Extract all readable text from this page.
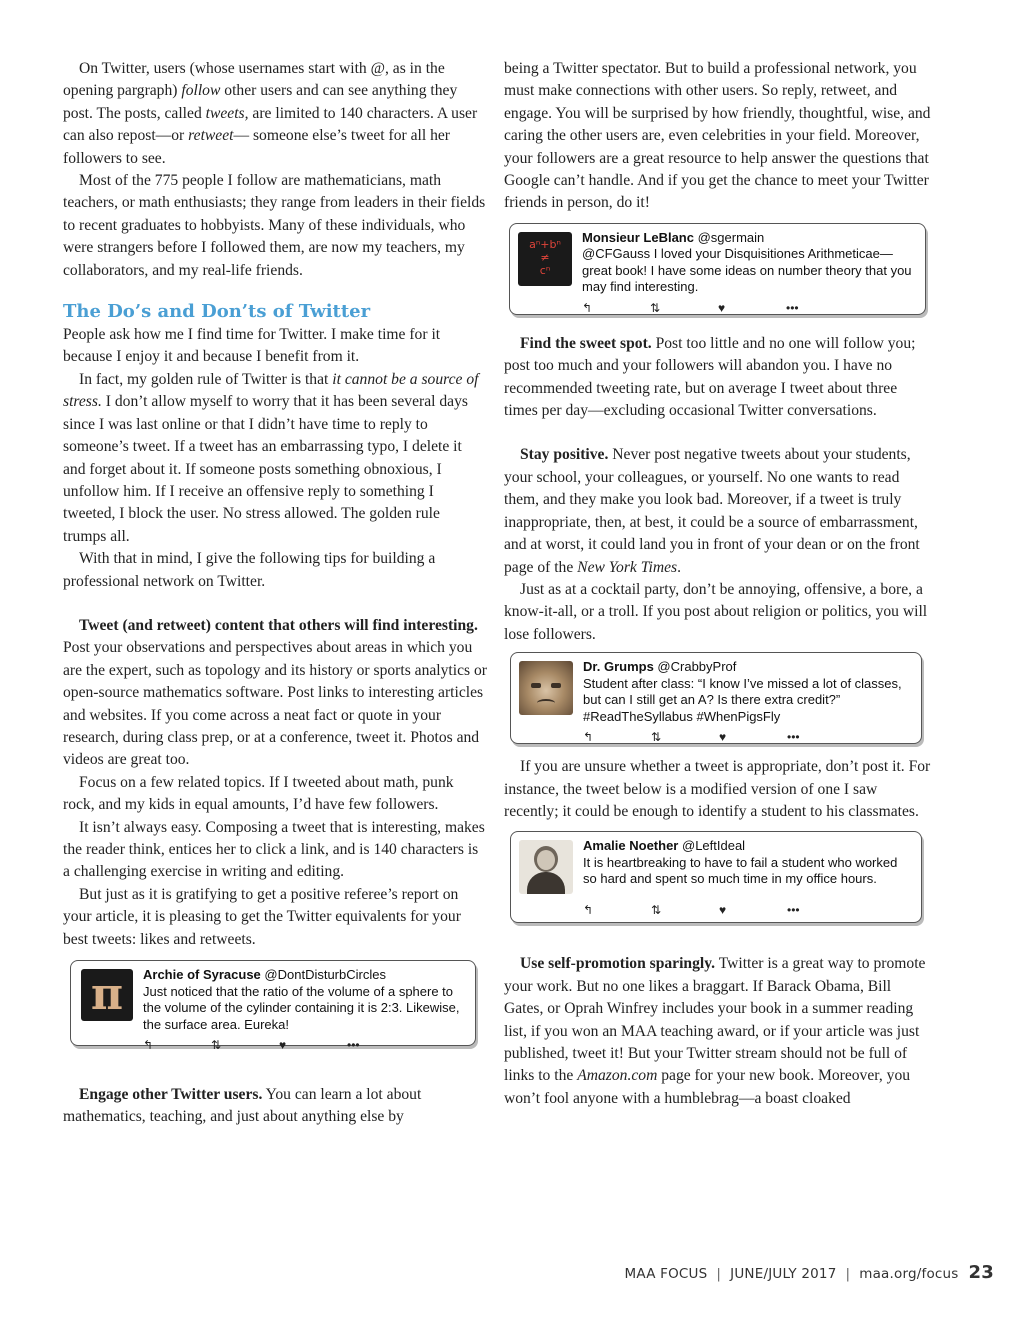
On Twitter, users (whose usernames start with @, as in the opening pargraph) follow other users and can see anything they post. The posts, called tweets, are limited to 140 characters. A user can also repost—or retweet— someone else’s tweet for all her followers to see.

Most of the 775 people I follow are mathematicians, math teachers, or math enthusiasts; they range from leaders in their fields to recent graduates to hobbyists. Many of these individuals, who were strangers before I followed them, are now my teachers, my collaborators, and my real-life friends.

The Do’s and Don’ts of Twitter

People ask how me I find time for Twitter. I make time for it because I enjoy it and because I benefit from it.

In fact, my golden rule of Twitter is that it cannot be a source of stress. I don’t allow myself to worry that it has been several days since I was last online or that I didn’t have time to reply to someone’s tweet. If a tweet has an embarrassing typo, I delete it and forget about it. If someone posts something obnoxious, I unfollow him. If I receive an offensive reply to something I tweeted, I block the user. No stress allowed. The golden rule trumps all.

With that in mind, I give the following tips for building a professional network on Twitter.

Tweet (and retweet) content that others will find interesting. Post your observations and perspectives about areas in which you are the expert, such as topology and its history or sports analytics or open-source mathematics software. Post links to interesting articles and websites. If you come across a neat fact or quote in your research, during class prep, or at a conference, tweet it. Photos and videos are great too.

Focus on a few related topics. If I tweeted about math, punk rock, and my kids in equal amounts, I’d have few followers.

It isn’t always easy. Composing a tweet that is interesting, makes the reader think, entices her to click a link, and is 140 characters is a challenging exercise in writing and editing.

But just as it is gratifying to get a positive referee’s report on your article, it is pleasing to get the Twitter equivalents for your best tweets: likes and retweets.

π	Archie of Syracuse @DontDisturbCircles
Just noticed that the ratio of the volume of a sphere to the volume of the cylinder containing it is 2:3. Likewise, the surface area. Eureka!
↰	⇅	♥	•••

Engage other Twitter users. You can learn a lot about mathematics, teaching, and just about anything else by

being a Twitter spectator. But to build a professional network, you must make connections with other users. So reply, retweet, and engage. You will be surprised by how friendly, thoughtful, wise, and caring the other users are, even celebrities in your field. Moreover, your followers are a great resource to help answer the questions that Google can’t handle. And if you get the chance to meet your Twitter friends in person, do it!

aⁿ+bⁿ
≠
cⁿ
Monsieur LeBlanc @sgermain
@CFGauss I loved your Disquisitiones Arithmeticae—great book! I have some ideas on number theory that you may find interesting.
↰	⇅	♥	•••

Find the sweet spot. Post too little and no one will follow you; post too much and your followers will abandon you. I have no recommended tweeting rate, but on average I tweet about three times per day—excluding occasional Twitter conversations.

Stay positive. Never post negative tweets about your students, your school, your colleagues, or yourself. No one wants to read them, and they make you look bad. Moreover, if a tweet is truly inappropriate, then, at best, it could be a source of embarrassment, and at worst, it could land you in front of your dean or on the front page of the New York Times.

Just as at a cocktail party, don’t be annoying, offensive, a bore, a know-it-all, or a troll. If you post about religion or politics, you will lose followers.

Dr. Grumps @CrabbyProf
Student after class: “I know I’ve missed a lot of classes, but can I still get an A? Is there extra credit?” #ReadTheSyllabus #WhenPigsFly
↰	⇅	♥	•••

If you are unsure whether a tweet is appropriate, don’t post it. For instance, the tweet below is a modified version of one I saw recently; it could be enough to identify a student to his classmates.

Amalie Noether @LeftIdeal
It is heartbreaking to have to fail a student who worked so hard and spent so much time in my office hours.
↰	⇅	♥	•••

Use self-promotion sparingly. Twitter is a great way to promote your work. But no one likes a braggart. If Barack Obama, Bill Gates, or Oprah Winfrey includes your book in a summer reading list, if you won an MAA teaching award, or if your article was just published, tweet it! But your Twitter stream should not be full of links to the Amazon.com page for your new book. Moreover, you won’t fool anyone with a humblebrag—a boast cloaked

MAA FOCUS | JUNE/JULY 2017 | maa.org/focus 23
